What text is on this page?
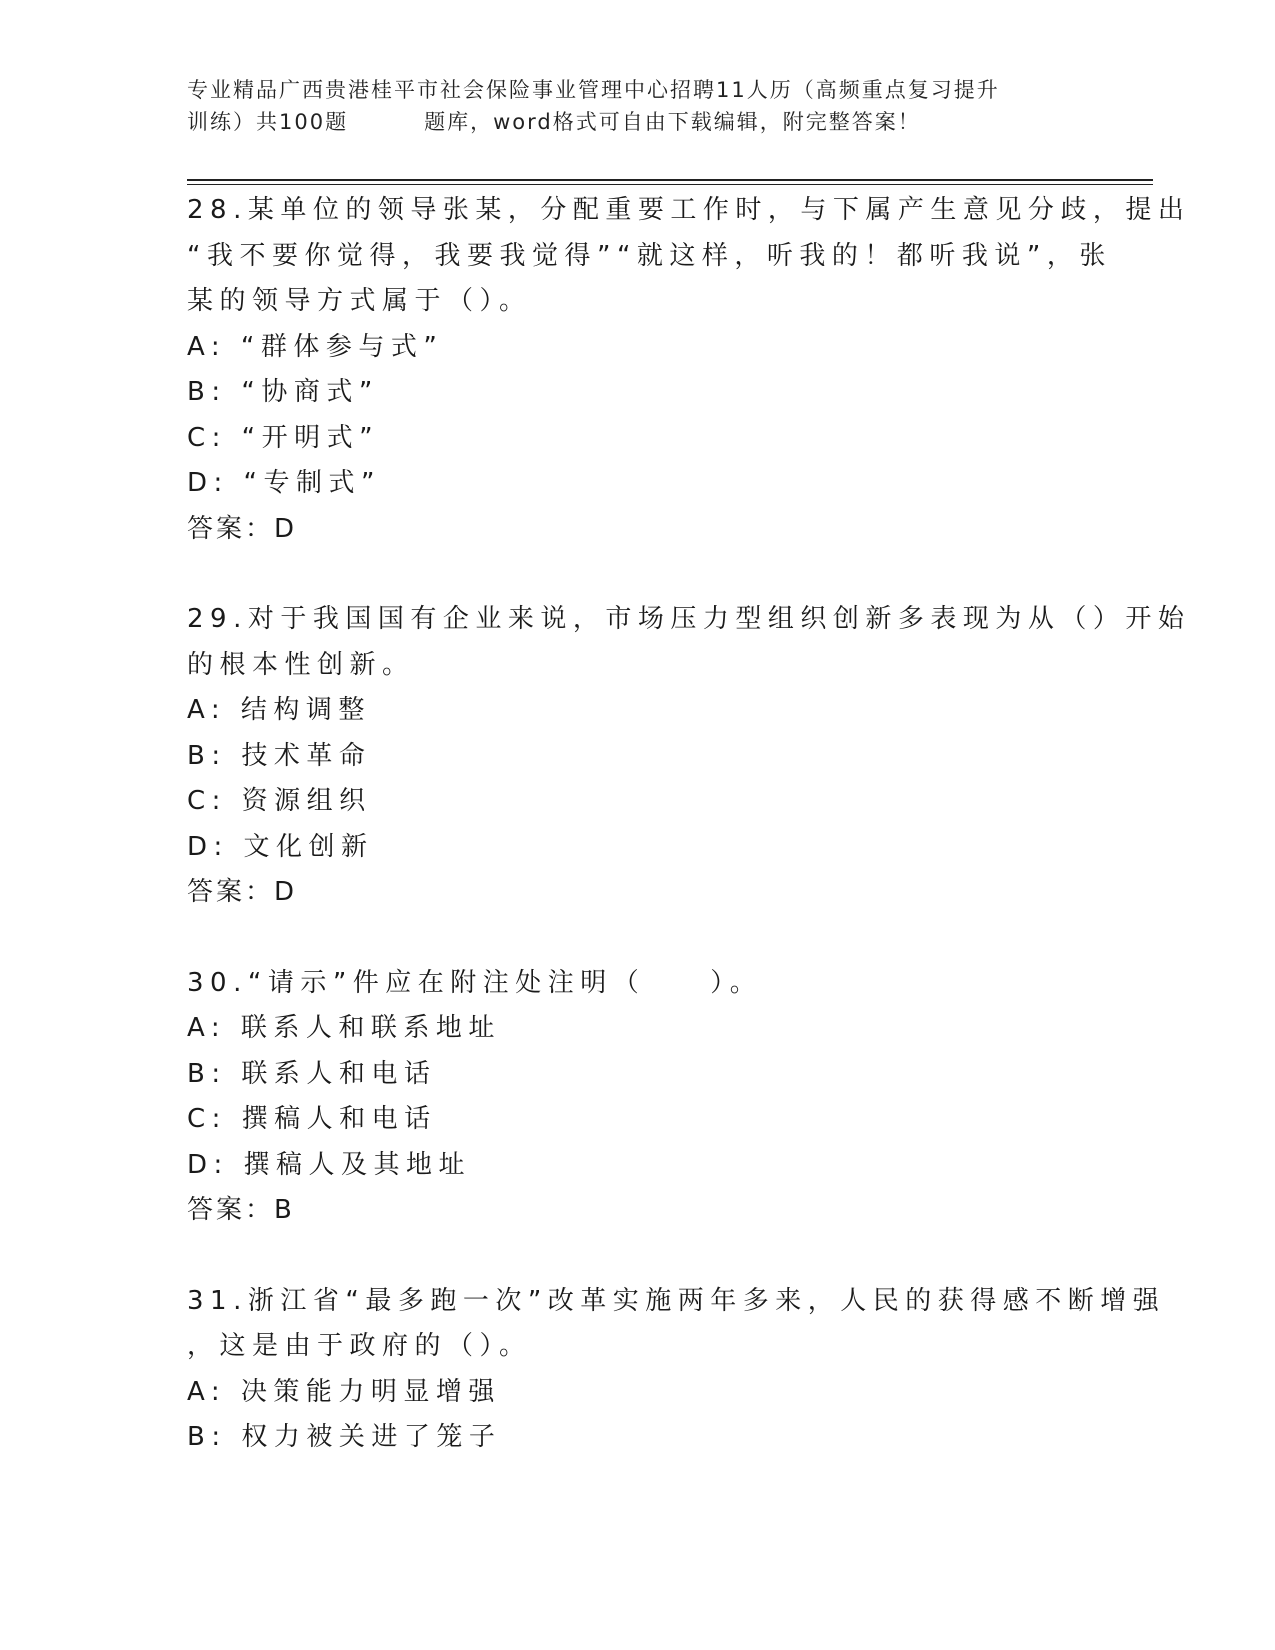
专业精品广西贵港桂平市社会保险事业管理中心招聘11人历（高频重点复习提升
训练）共100题	题库，word格式可自由下载编辑，附完整答案！

28.某单位的领导张某，分配重要工作时，与下属产生意见分歧，提出
“我不要你觉得，我要我觉得”“就这样，听我的！都听我说”，张
某的领导方式属于（）。

A: “群体参与式”
B: “协商式”
C: “开明式”
D: “专制式”
答案：D

29.对于我国国有企业来说，市场压力型组织创新多表现为从（）开始
的根本性创新。

A: 结构调整
B: 技术革命
C: 资源组织
D: 文化创新
答案：D

30.“请示”件应在附注处注明（　　）。

A: 联系人和联系地址
B: 联系人和电话
C: 撰稿人和电话
D: 撰稿人及其地址
答案：B

31.浙江省“最多跑一次”改革实施两年多来，人民的获得感不断增强
，这是由于政府的（）。

A: 决策能力明显增强
B: 权力被关进了笼子
